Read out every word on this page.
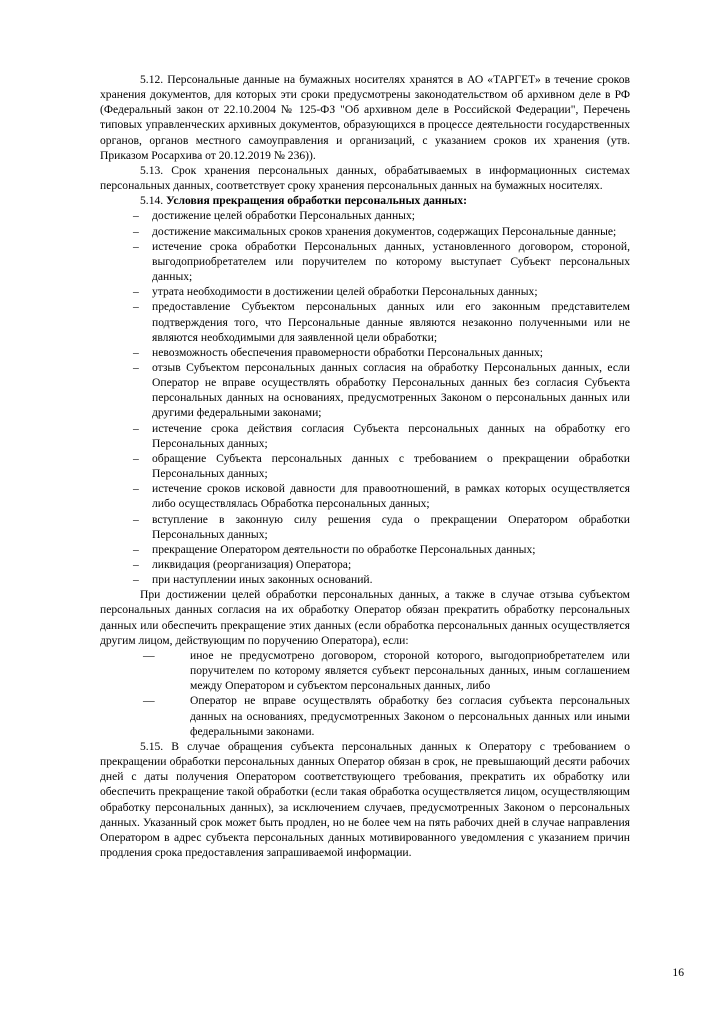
5.12. Персональные данные на бумажных носителях хранятся в АО «ТАРГЕТ» в течение сроков хранения документов, для которых эти сроки предусмотрены законодательством об архивном деле в РФ (Федеральный закон от 22.10.2004 № 125-ФЗ "Об архивном деле в Российской Федерации", Перечень типовых управленческих архивных документов, образующихся в процессе деятельности государственных органов, органов местного самоуправления и организаций, с указанием сроков их хранения (утв. Приказом Росархива от 20.12.2019 № 236)).

5.13. Срок хранения персональных данных, обрабатываемых в информационных системах персональных данных, соответствует сроку хранения персональных данных на бумажных носителях.

5.14. Условия прекращения обработки персональных данных:

– достижение целей обработки Персональных данных;
– достижение максимальных сроков хранения документов, содержащих Персональные данные;
– истечение срока обработки Персональных данных, установленного договором, стороной, выгодоприобретателем или поручителем по которому выступает Субъект персональных данных;
– утрата необходимости в достижении целей обработки Персональных данных;
– предоставление Субъектом персональных данных или его законным представителем подтверждения того, что Персональные данные являются незаконно полученными или не являются необходимыми для заявленной цели обработки;
– невозможность обеспечения правомерности обработки Персональных данных;
– отзыв Субъектом персональных данных согласия на обработку Персональных данных, если Оператор не вправе осуществлять обработку Персональных данных без согласия Субъекта персональных данных на основаниях, предусмотренных Законом о персональных данных или другими федеральными законами;
– истечение срока действия согласия Субъекта персональных данных на обработку его Персональных данных;
– обращение Субъекта персональных данных с требованием о прекращении обработки Персональных данных;
– истечение сроков исковой давности для правоотношений, в рамках которых осуществляется либо осуществлялась Обработка персональных данных;
– вступление в законную силу решения суда о прекращении Оператором обработки Персональных данных;
– прекращение Оператором деятельности по обработке Персональных данных;
– ликвидация (реорганизация) Оператора;
– при наступлении иных законных оснований.

При достижении целей обработки персональных данных, а также в случае отзыва субъектом персональных данных согласия на их обработку Оператор обязан прекратить обработку персональных данных или обеспечить прекращение этих данных (если обработка персональных данных осуществляется другим лицом, действующим по поручению Оператора), если:

—	иное не предусмотрено договором, стороной которого, выгодоприобретателем или поручителем по которому является субъект персональных данных, иным соглашением между Оператором и субъектом персональных данных, либо
—	Оператор не вправе осуществлять обработку без согласия субъекта персональных данных на основаниях, предусмотренных Законом о персональных данных или иными федеральными законами.

5.15. В случае обращения субъекта персональных данных к Оператору с требованием о прекращении обработки персональных данных Оператор обязан в срок, не превышающий десяти рабочих дней с даты получения Оператором соответствующего требования, прекратить их обработку или обеспечить прекращение такой обработки (если такая обработка осуществляется лицом, осуществляющим обработку персональных данных), за исключением случаев, предусмотренных Законом о персональных данных. Указанный срок может быть продлен, но не более чем на пять рабочих дней в случае направления Оператором в адрес субъекта персональных данных мотивированного уведомления с указанием причин продления срока предоставления запрашиваемой информации.

16
